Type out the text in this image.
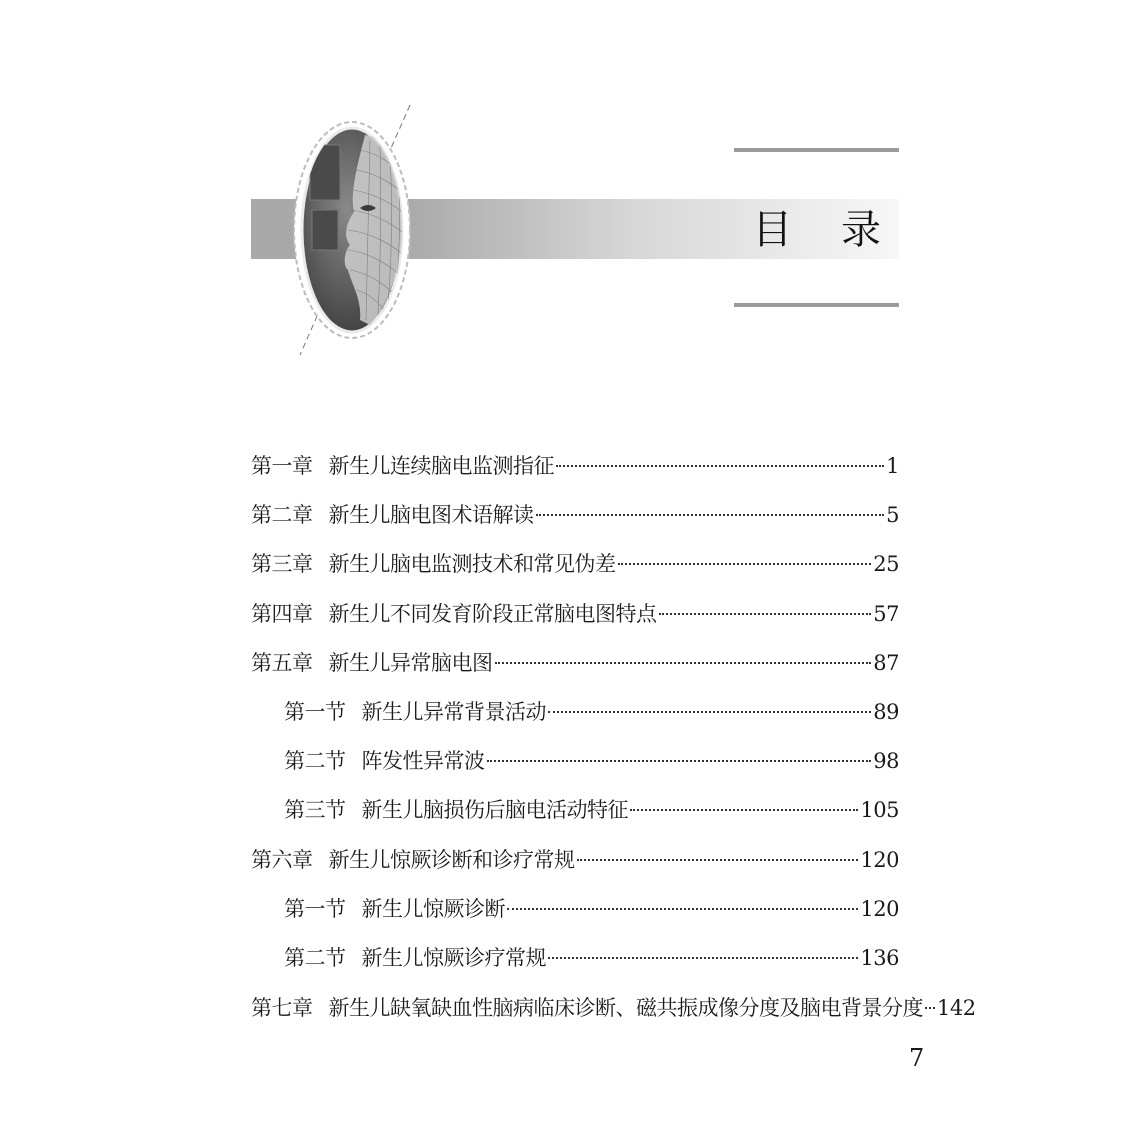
目 录
第一章 新生儿连续脑电监测指征	1
第二章 新生儿脑电图术语解读	5
第三章 新生儿脑电监测技术和常见伪差	25
第四章 新生儿不同发育阶段正常脑电图特点	57
第五章 新生儿异常脑电图	87
第一节 新生儿异常背景活动	89
第二节 阵发性异常波	98
第三节 新生儿脑损伤后脑电活动特征	105
第六章 新生儿惊厥诊断和诊疗常规	120
第一节 新生儿惊厥诊断	120
第二节 新生儿惊厥诊疗常规	136
第七章 新生儿缺氧缺血性脑病临床诊断、磁共振成像分度及脑电背景分度 142
7
